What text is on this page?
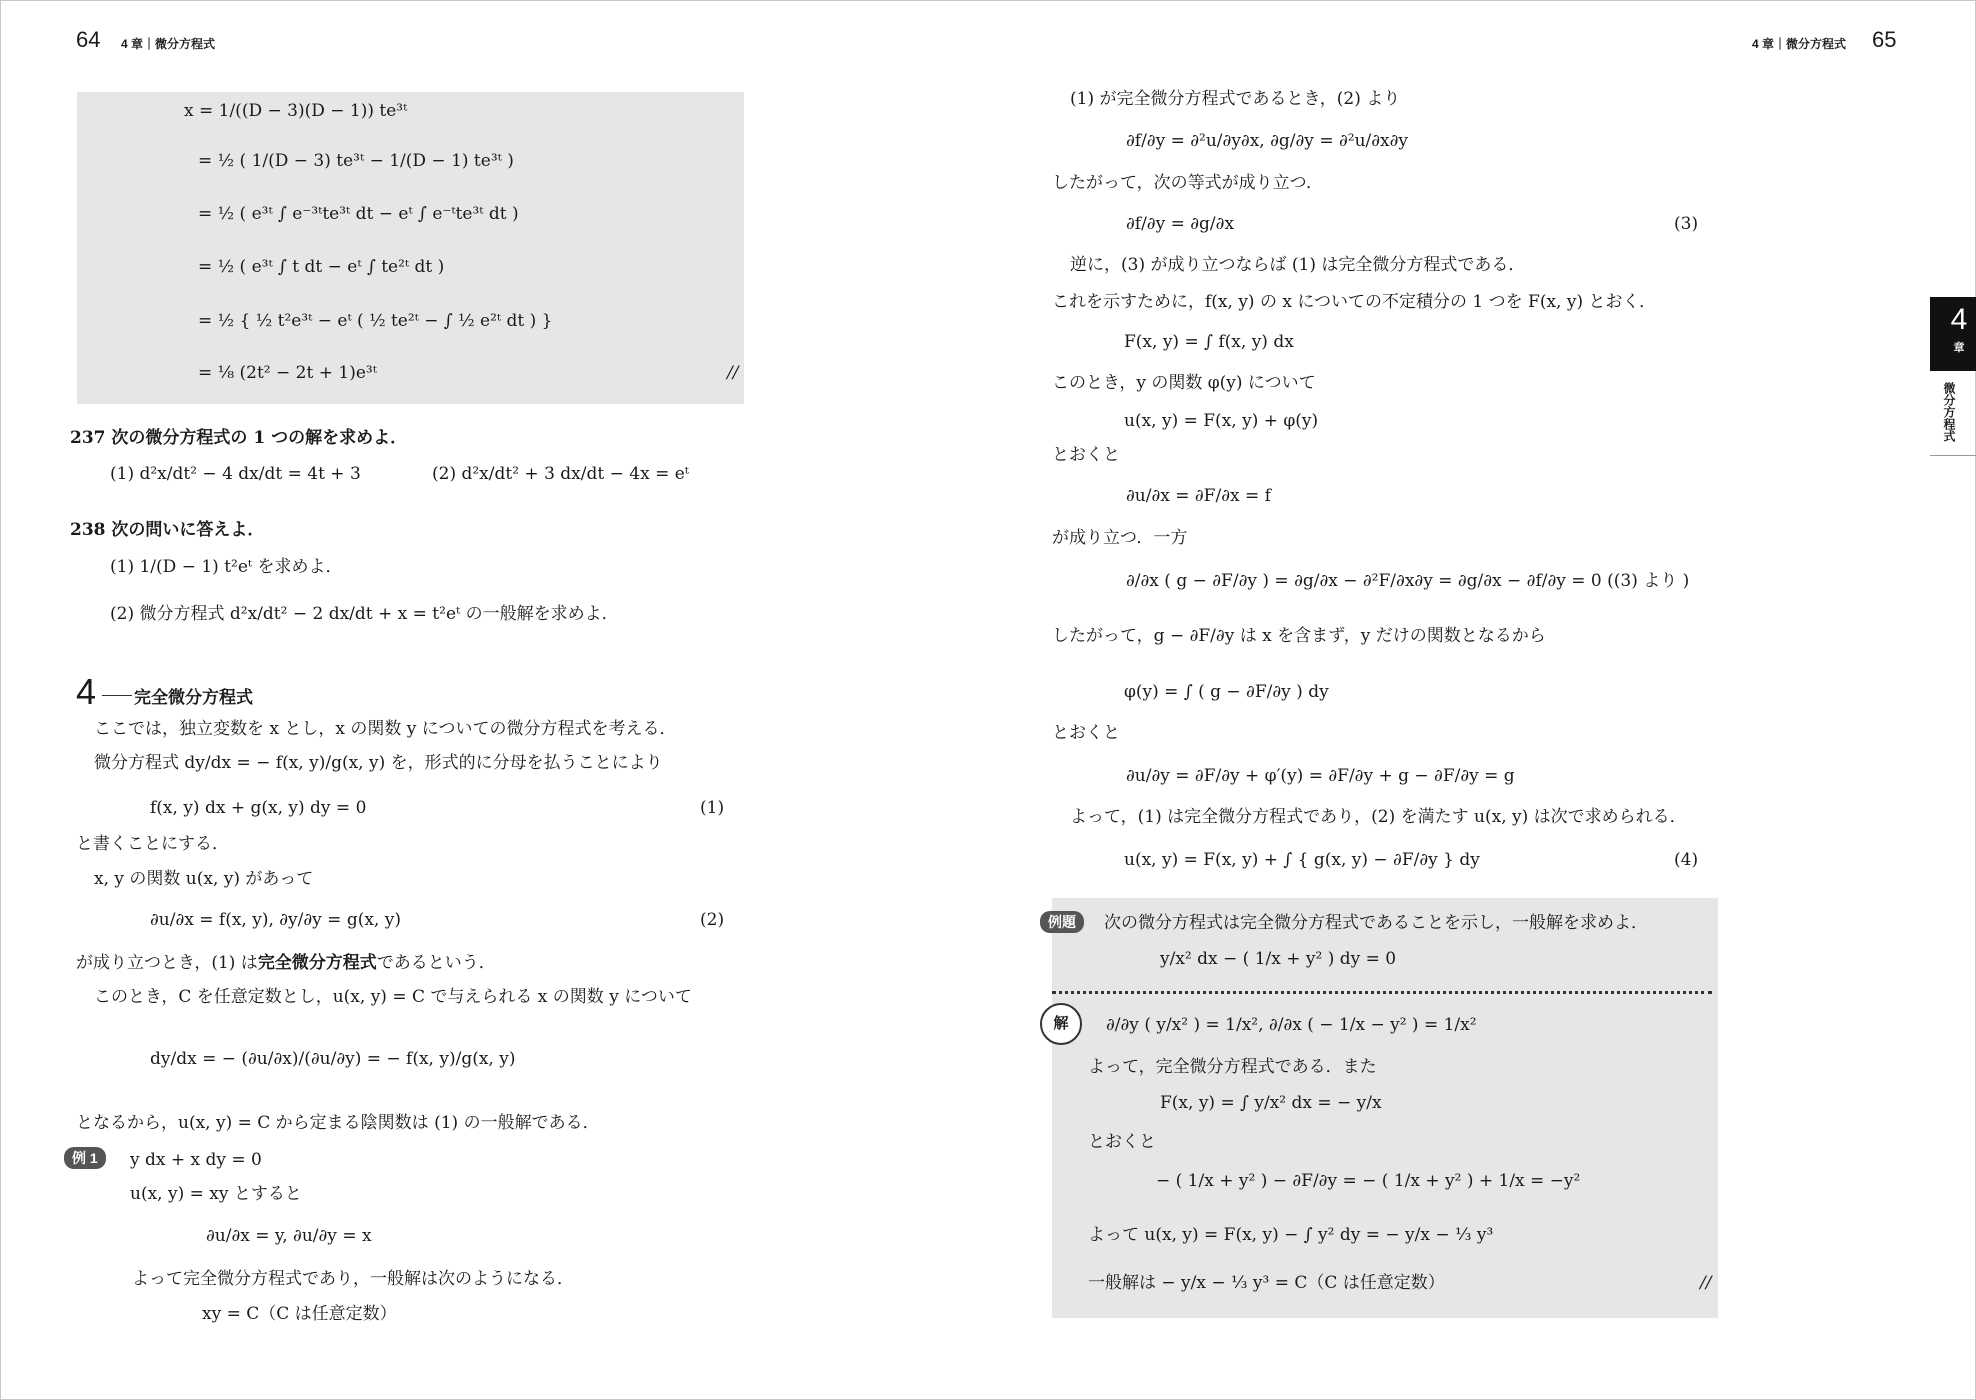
64 4 章｜微分方程式	4 章｜微分方程式 65
4
章
微分方程式
x = 1/((D − 3)(D − 1)) te³ᵗ
= ½ ( 1/(D − 3) te³ᵗ − 1/(D − 1) te³ᵗ )
= ½ ( e³ᵗ ∫ e⁻³ᵗte³ᵗ dt − eᵗ ∫ e⁻ᵗte³ᵗ dt )
= ½ ( e³ᵗ ∫ t dt − eᵗ ∫ te²ᵗ dt )
= ½ { ½ t²e³ᵗ − eᵗ ( ½ te²ᵗ − ∫ ½ e²ᵗ dt ) }
= ⅛ (2t² − 2t + 1)e³ᵗ	//
237 次の微分方程式の 1 つの解を求めよ．
(1) d²x/dt² − 4 dx/dt = 4t + 3	(2) d²x/dt² + 3 dx/dt − 4x = eᵗ
238 次の問いに答えよ．
(1) 1/(D − 1) t²eᵗ を求めよ．
(2) 微分方程式 d²x/dt² − 2 dx/dt + x = t²eᵗ の一般解を求めよ．
4 完全微分方程式
ここでは，独立変数を x とし，x の関数 y についての微分方程式を考える．
微分方程式 dy/dx = − f(x, y)/g(x, y) を，形式的に分母を払うことにより
f(x, y) dx + g(x, y) dy = 0	(1)
と書くことにする．
x, y の関数 u(x, y) があって
∂u/∂x = f(x, y), ∂y/∂y = g(x, y)	(2)
が成り立つとき，(1) は完全微分方程式であるという．
このとき，C を任意定数とし，u(x, y) = C で与えられる x の関数 y について
dy/dx = − (∂u/∂x)/(∂u/∂y) = − f(x, y)/g(x, y)
となるから，u(x, y) = C から定まる陰関数は (1) の一般解である．
例 1	y dx + x dy = 0
u(x, y) = xy とすると
∂u/∂x = y, ∂u/∂y = x
よって完全微分方程式であり，一般解は次のようになる．
xy = C（C は任意定数）
(1) が完全微分方程式であるとき，(2) より
∂f/∂y = ∂²u/∂y∂x, ∂g/∂y = ∂²u/∂x∂y
したがって，次の等式が成り立つ．
∂f/∂y = ∂g/∂x	(3)
逆に，(3) が成り立つならば (1) は完全微分方程式である．
これを示すために，f(x, y) の x についての不定積分の 1 つを F(x, y) とおく．
F(x, y) = ∫ f(x, y) dx
このとき，y の関数 φ(y) について
u(x, y) = F(x, y) + φ(y)
とおくと
∂u/∂x = ∂F/∂x = f
が成り立つ．一方
∂/∂x ( g − ∂F/∂y ) = ∂g/∂x − ∂²F/∂x∂y = ∂g/∂x − ∂f/∂y = 0 ((3) より )
したがって，g − ∂F/∂y は x を含まず，y だけの関数となるから
φ(y) = ∫ ( g − ∂F/∂y ) dy
とおくと
∂u/∂y = ∂F/∂y + φ′(y) = ∂F/∂y + g − ∂F/∂y = g
よって，(1) は完全微分方程式であり，(2) を満たす u(x, y) は次で求められる．
u(x, y) = F(x, y) + ∫ { g(x, y) − ∂F/∂y } dy	(4)
例題	次の微分方程式は完全微分方程式であることを示し，一般解を求めよ．
y/x² dx − ( 1/x + y² ) dy = 0
解	∂/∂y ( y/x² ) = 1/x², ∂/∂x ( − 1/x − y² ) = 1/x²
よって，完全微分方程式である．また
F(x, y) = ∫ y/x² dx = − y/x
とおくと
− ( 1/x + y² ) − ∂F/∂y = − ( 1/x + y² ) + 1/x = −y²
よって u(x, y) = F(x, y) − ∫ y² dy = − y/x − ⅓ y³
一般解は − y/x − ⅓ y³ = C（C は任意定数）	//
